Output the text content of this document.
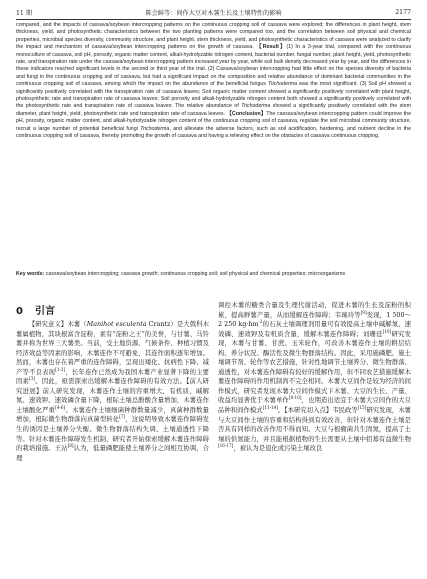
11 期	陈会鲜等：间作大豆对木薯生长及土壤特性的影响	2177
compared, and the impacts of cassava/soybean intercropping patterns on the continuous cropping soil of cassava were explored; the differences in plant height, stem thickness, yield, and photosynthetic characteristics between the two planting patterns were compared too, and the correlation between soil physical and chemical properties, microbial species diversity, community structure, and plant height, stem thickness, yield, and photosynthetic characteristics of cassava were analyzed to clarify the impact and mechanism of cassava/soybean intercropping patterns on the growth of cassava. 【Result】(1) In a 3-year trial, compared with the continuous monoculture of cassava, soil pH, porosity, organic matter content, alkali-hydrolyzable nitrogen content, bacterial number, fungal number, plant height, yield, photosynthetic rate, and transpiration rate under the cassava/soybean intercropping pattern increased year by year, while soil bulk density decreased year by year, and the differences in these indicators reached significant levels in the second or third year of the trial. (2) Cassava/soybean intercropping had little effect on the species diversity of bacteria and fungi in the continuous cropping soil of cassava, but had a significant impact on the composition and relative abundance of dominant bacterial communities in the continuous cropping soil of cassava, among which the impact on the abundance of the beneficial fungus Trichoderma was the most significant. (3) Soil pH showed a significantly positively correlated with the transpiration rate of cassava leaves; Soil organic matter content showed a significantly positively correlated with plant height, photosynthetic rate and transpiration rate of cassava leaves; Soil porosity and alkali-hydrolyzable nitrogen content both showed a significantly positively correlated with the photosynthetic rate and transpiration rate of cassava leaves; The relative abundance of Trichoderma showed a significantly positively correlated with the stem diameter, plant height, yield, photosynthetic rate and transpiration rate of cassava leaves. 【Conclusion】The cassava/soybean intercropping pattern could improve the pH, porosity, organic matter content, and alkali-hydrolyzable nitrogen content of the continuous cropping soil of cassava, regulate the soil microbial community structure, recruit a large number of potential beneficial fungi Trichoderma, and alleviate the adverse factors, such as soil acidification, hardening, and nutrient decline in the continuous cropping soil of cassava, thereby promoting the growth of cassava and having a relieving effect on the obstacles of cassava continuous cropping.
Key words: cassava/soybean intercropping; cassava growth; continuous cropping soil; soil physical and chemical properties; microorganisms
0 引言

【研究意义】木薯（Manihot esculenta Crantz）是大戟科木薯属植物，其块根富含淀粉，素有“淀粉之王”的美誉，与甘薯、马铃薯并称为世界三大薯类。当前，受土地资源、气候条件、种植习惯及经济效益等因素的影响，木薯连作不可避免，其连作面积逐年增加。然而，木薯也存在着严重的连作障碍，呈现出矮化、抗病性下降、减产等不良表现[1-2]，长年连作已然成为我国木薯产业显著下降的主要因素[3]。因此，亟需探索出缓解木薯连作障碍的有效方法。【前人研究进展】前人研究发现，木薯连作土壤的容重增大，有机质、碱解氮、速效钾、速效磷含量下降，根际土壤总酚酸含量增加，木薯连作土壤酸化严重[4-6]。木薯连作土壤细菌种群数量减少，真菌种群数量增加，根际微生物群落向真菌型转化[7]，这说明导致木薯连作障碍发生的诱因是土壤养分失衡、微生物群落结构失调、土壤通透性下降等。针对木薯连作障碍发生机制，研究者开始探索缓解木薯连作障碍的栽培措施。王站[8]认为，低量磷肥能使土壤养分之间相互协调，合理

调控木薯的糖类合量及生理代谢活动，促进木薯的生长及淀粉的积累，提高鲜薯产量，从而缓解连作障碍；韦琬玲等[9]发现，1 500～2 250 $kg\cdot hm^{-2}$的石灰土壤调理剂用量可有效提高土壤中碱解氮、速效磷、速效钾及有机质含量，缓解木薯连作障碍；刘珊廷[10]研究发现，木薯与甘薯、甘蔗、玉米轮作，可改善木薯连作土壤的耕层结构、养分状况、酶活性及微生物群落结构。因此，采用施磷肥、施土壤调节剂、轮作等农艺措施，针对性地调节土壤养分、微生物群落、通透性，对木薯连作障碍有较好的缓解作用，但不同农艺措施缓解木薯连作障碍的作用机制尚不完全相同。木薯大豆间作是较为经济的间作模式，研究者发现木薯大豆间作模式下木薯、大豆的生长、产量、收益均显著优于木薯单作[9-10]，也期造出适宜于木薯大豆间作的大豆品种和间作模式[11-14]。【本研究切入点】韦民政等[15]研究发现，木薯与大豆间作土壤的容重和结构得到有效改善，但针对木薯连作土壤是否具有同样的改善作用不得而知。大豆与根瘤菌共生固氮，提高了土壤的供氮能力，并且能根据植物的生长需要从土壤中招募有益微生物[16-17]，被认为是退化或污染土壤改良
